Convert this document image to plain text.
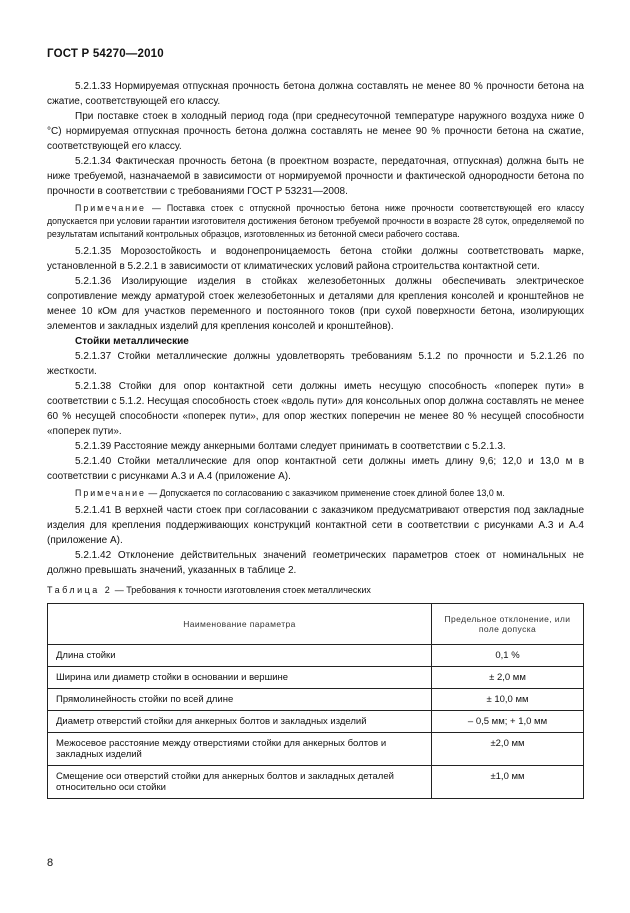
ГОСТ Р 54270—2010

5.2.1.33 Нормируемая отпускная прочность бетона должна составлять не менее 80 % прочности бетона на сжатие, соответствующей его классу.

При поставке стоек в холодный период года (при среднесуточной температуре наружного воздуха ниже 0 °С) нормируемая отпускная прочность бетона должна составлять не менее 90 % прочности бетона на сжатие, соответствующей его классу.

5.2.1.34 Фактическая прочность бетона (в проектном возрасте, передаточная, отпускная) должна быть не ниже требуемой, назначаемой в зависимости от нормируемой прочности и фактической однородности бетона по прочности в соответствии с требованиями ГОСТ Р 53231—2008.

Примечание — Поставка стоек с отпускной прочностью бетона ниже прочности соответствующей его классу допускается при условии гарантии изготовителя достижения бетоном требуемой прочности в возрасте 28 суток, определяемой по результатам испытаний контрольных образцов, изготовленных из бетонной смеси рабочего состава.

5.2.1.35 Морозостойкость и водонепроницаемость бетона стойки должны соответствовать марке, установленной в 5.2.2.1 в зависимости от климатических условий района строительства контактной сети.

5.2.1.36 Изолирующие изделия в стойках железобетонных должны обеспечивать электрическое сопротивление между арматурой стоек железобетонных и деталями для крепления консолей и кронштейнов не менее 10 кОм для участков переменного и постоянного токов (при сухой поверхности бетона, изолирующих элементов и закладных изделий для крепления консолей и кронштейнов).

Стойки металлические

5.2.1.37 Стойки металлические должны удовлетворять требованиям 5.1.2 по прочности и 5.2.1.26 по жесткости.

5.2.1.38 Стойки для опор контактной сети должны иметь несущую способность «поперек пути» в соответствии с 5.1.2. Несущая способность стоек «вдоль пути» для консольных опор должна составлять не менее 60 % несущей способности «поперек пути», для опор жестких поперечин не менее 80 % несущей способности «поперек пути».

5.2.1.39 Расстояние между анкерными болтами следует принимать в соответствии с 5.2.1.3.

5.2.1.40 Стойки металлические для опор контактной сети должны иметь длину 9,6; 12,0 и 13,0 м в соответствии с рисунками А.3 и А.4 (приложение А).

Примечание — Допускается по согласованию с заказчиком применение стоек длиной более 13,0 м.

5.2.1.41 В верхней части стоек при согласовании с заказчиком предусматривают отверстия под закладные изделия для крепления поддерживающих конструкций контактной сети в соответствии с рисунками А.3 и А.4 (приложение А).

5.2.1.42 Отклонение действительных значений геометрических параметров стоек от номинальных не должно превышать значений, указанных в таблице 2.

Таблица 2 — Требования к точности изготовления стоек металлических
Наименование параметра	Предельное отклонение, или поле допуска
Длина стойки	0,1 %
Ширина или диаметр стойки в основании и вершине	± 2,0 мм
Прямолинейность стойки по всей длине	± 10,0 мм
Диаметр отверстий стойки для анкерных болтов и закладных изделий	– 0,5 мм; + 1,0 мм
Межосевое расстояние между отверстиями стойки для анкерных болтов и закладных изделий	±2,0 мм
Смещение оси отверстий стойки для анкерных болтов и закладных деталей относительно оси стойки	±1,0 мм
8
